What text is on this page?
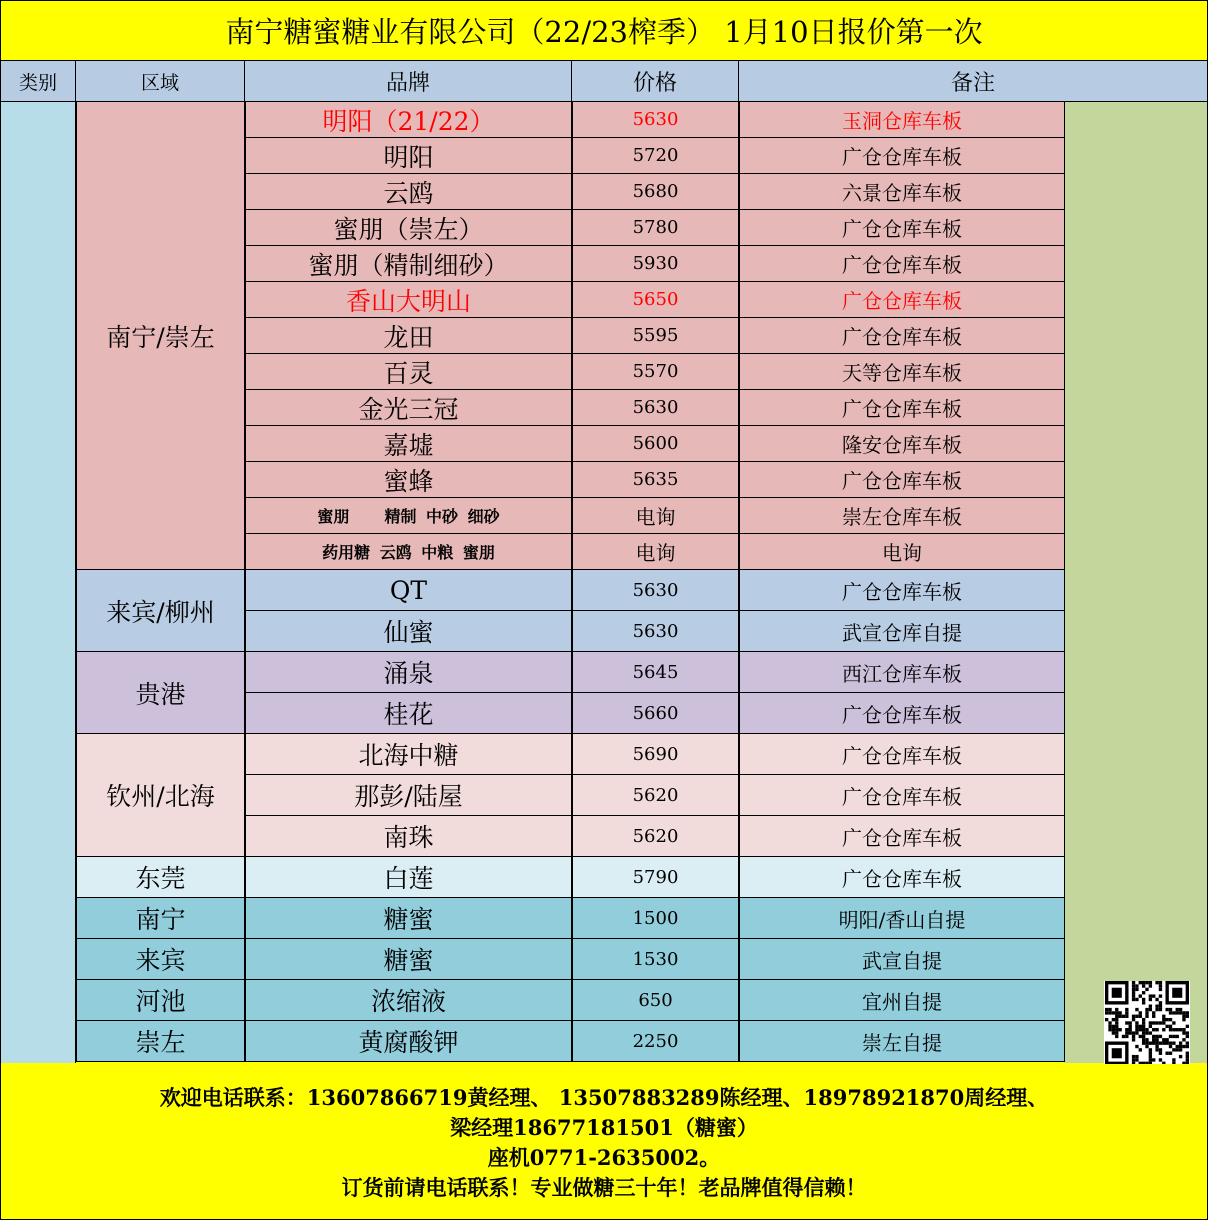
南宁糖蜜糖业有限公司（22/23榨季） 1月10日报价第一次
类别	区域	品牌	价格	备注
南宁/崇左
明阳（21/22）	5630	玉洞仓库车板
明阳	5720	广仓仓库车板
云鸥	5680	六景仓库车板
蜜朋（崇左）	5780	广仓仓库车板
蜜朋（精制细砂）	5930	广仓仓库车板
香山大明山	5650	广仓仓库车板
龙田	5595	广仓仓库车板
百灵	5570	天等仓库车板
金光三冠	5630	广仓仓库车板
嘉墟	5600	隆安仓库车板
蜜蜂	5635	广仓仓库车板
蜜朋 　 精制 中砂 细砂	电询	崇左仓库车板
药用糖 云鸥 中粮 蜜朋	电询	电询
来宾/柳州
QT	5630	广仓仓库车板
仙蜜	5630	武宣仓库自提
贵港
涌泉	5645	西江仓库车板
桂花	5660	广仓仓库车板
钦州/北海
北海中糖	5690	广仓仓库车板
那彭/陆屋	5620	广仓仓库车板
南珠	5620	广仓仓库车板
东莞	白莲	5790	广仓仓库车板
南宁	糖蜜	1500	明阳/香山自提
来宾	糖蜜	1530	武宣自提
河池	浓缩液	650	宜州自提
崇左	黄腐酸钾	2250	崇左自提
欢迎电话联系：13607866719黄经理、 13507883289陈经理、18978921870周经理、
梁经理18677181501（糖蜜）
座机0771-2635002。
订货前请电话联系！专业做糖三十年！老品牌值得信赖！
